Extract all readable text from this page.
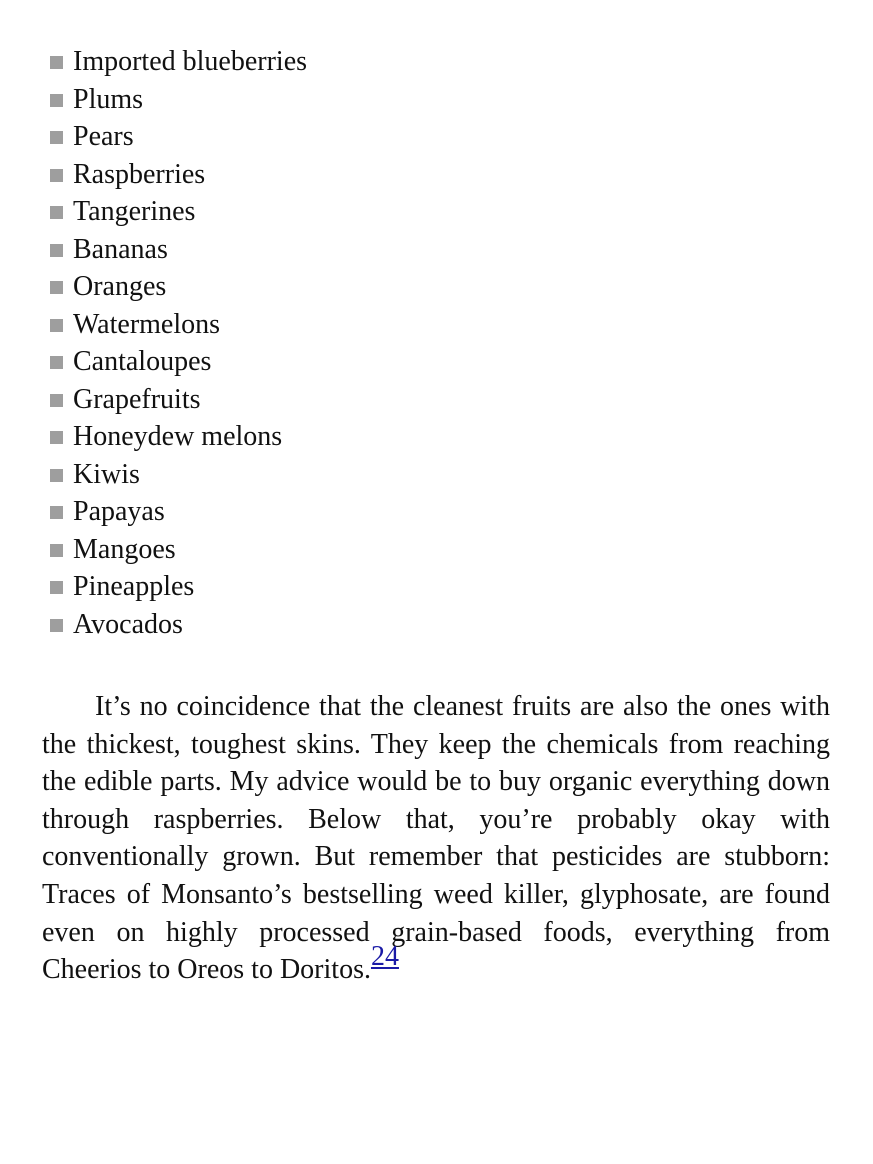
Imported blueberries
Plums
Pears
Raspberries
Tangerines
Bananas
Oranges
Watermelons
Cantaloupes
Grapefruits
Honeydew melons
Kiwis
Papayas
Mangoes
Pineapples
Avocados

It’s no coincidence that the cleanest fruits are also the ones with the thickest, toughest skins. They keep the chemicals from reaching the edible parts. My advice would be to buy organic everything down through raspberries. Below that, you’re probably okay with conventionally grown. But remember that pesticides are stubborn: Traces of Monsanto’s bestselling weed killer, glyphosate, are found even on highly processed grain-based foods, everything from Cheerios to Oreos to Doritos.24
